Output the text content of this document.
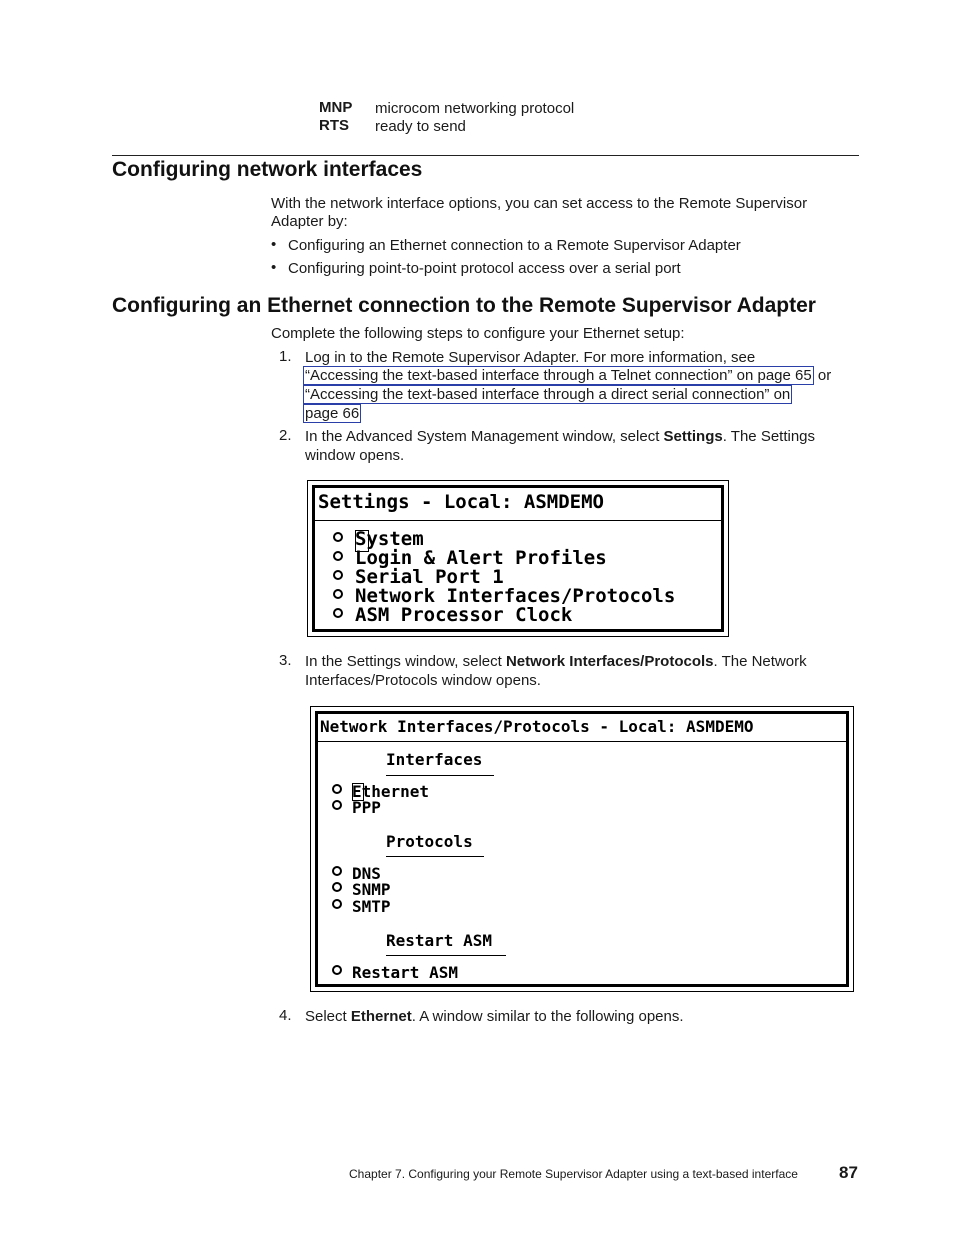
MNP microcom networking protocol
RTS ready to send
Configuring network interfaces
With the network interface options, you can set access to the Remote Supervisor
Adapter by:
• Configuring an Ethernet connection to a Remote Supervisor Adapter
• Configuring point-to-point protocol access over a serial port
Configuring an Ethernet connection to the Remote Supervisor Adapter
Complete the following steps to configure your Ethernet setup:
1. Log in to the Remote Supervisor Adapter. For more information, see
“Accessing the text-based interface through a Telnet connection” on page 65 or
“Accessing the text-based interface through a direct serial connection” on
page 66
2. In the Advanced System Management window, select Settings. The Settings
window opens.
Settings - Local: ASMDEMO
System
Login & Alert Profiles
Serial Port 1
Network Interfaces/Protocols
ASM Processor Clock
3. In the Settings window, select Network Interfaces/Protocols. The Network
Interfaces/Protocols window opens.
Network Interfaces/Protocols - Local: ASMDEMO
Interfaces
Ethernet
PPP
Protocols
DNS
SNMP
SMTP
Restart ASM
Restart ASM
4. Select Ethernet. A window similar to the following opens.
Chapter 7. Configuring your Remote Supervisor Adapter using a text-based interface 87
